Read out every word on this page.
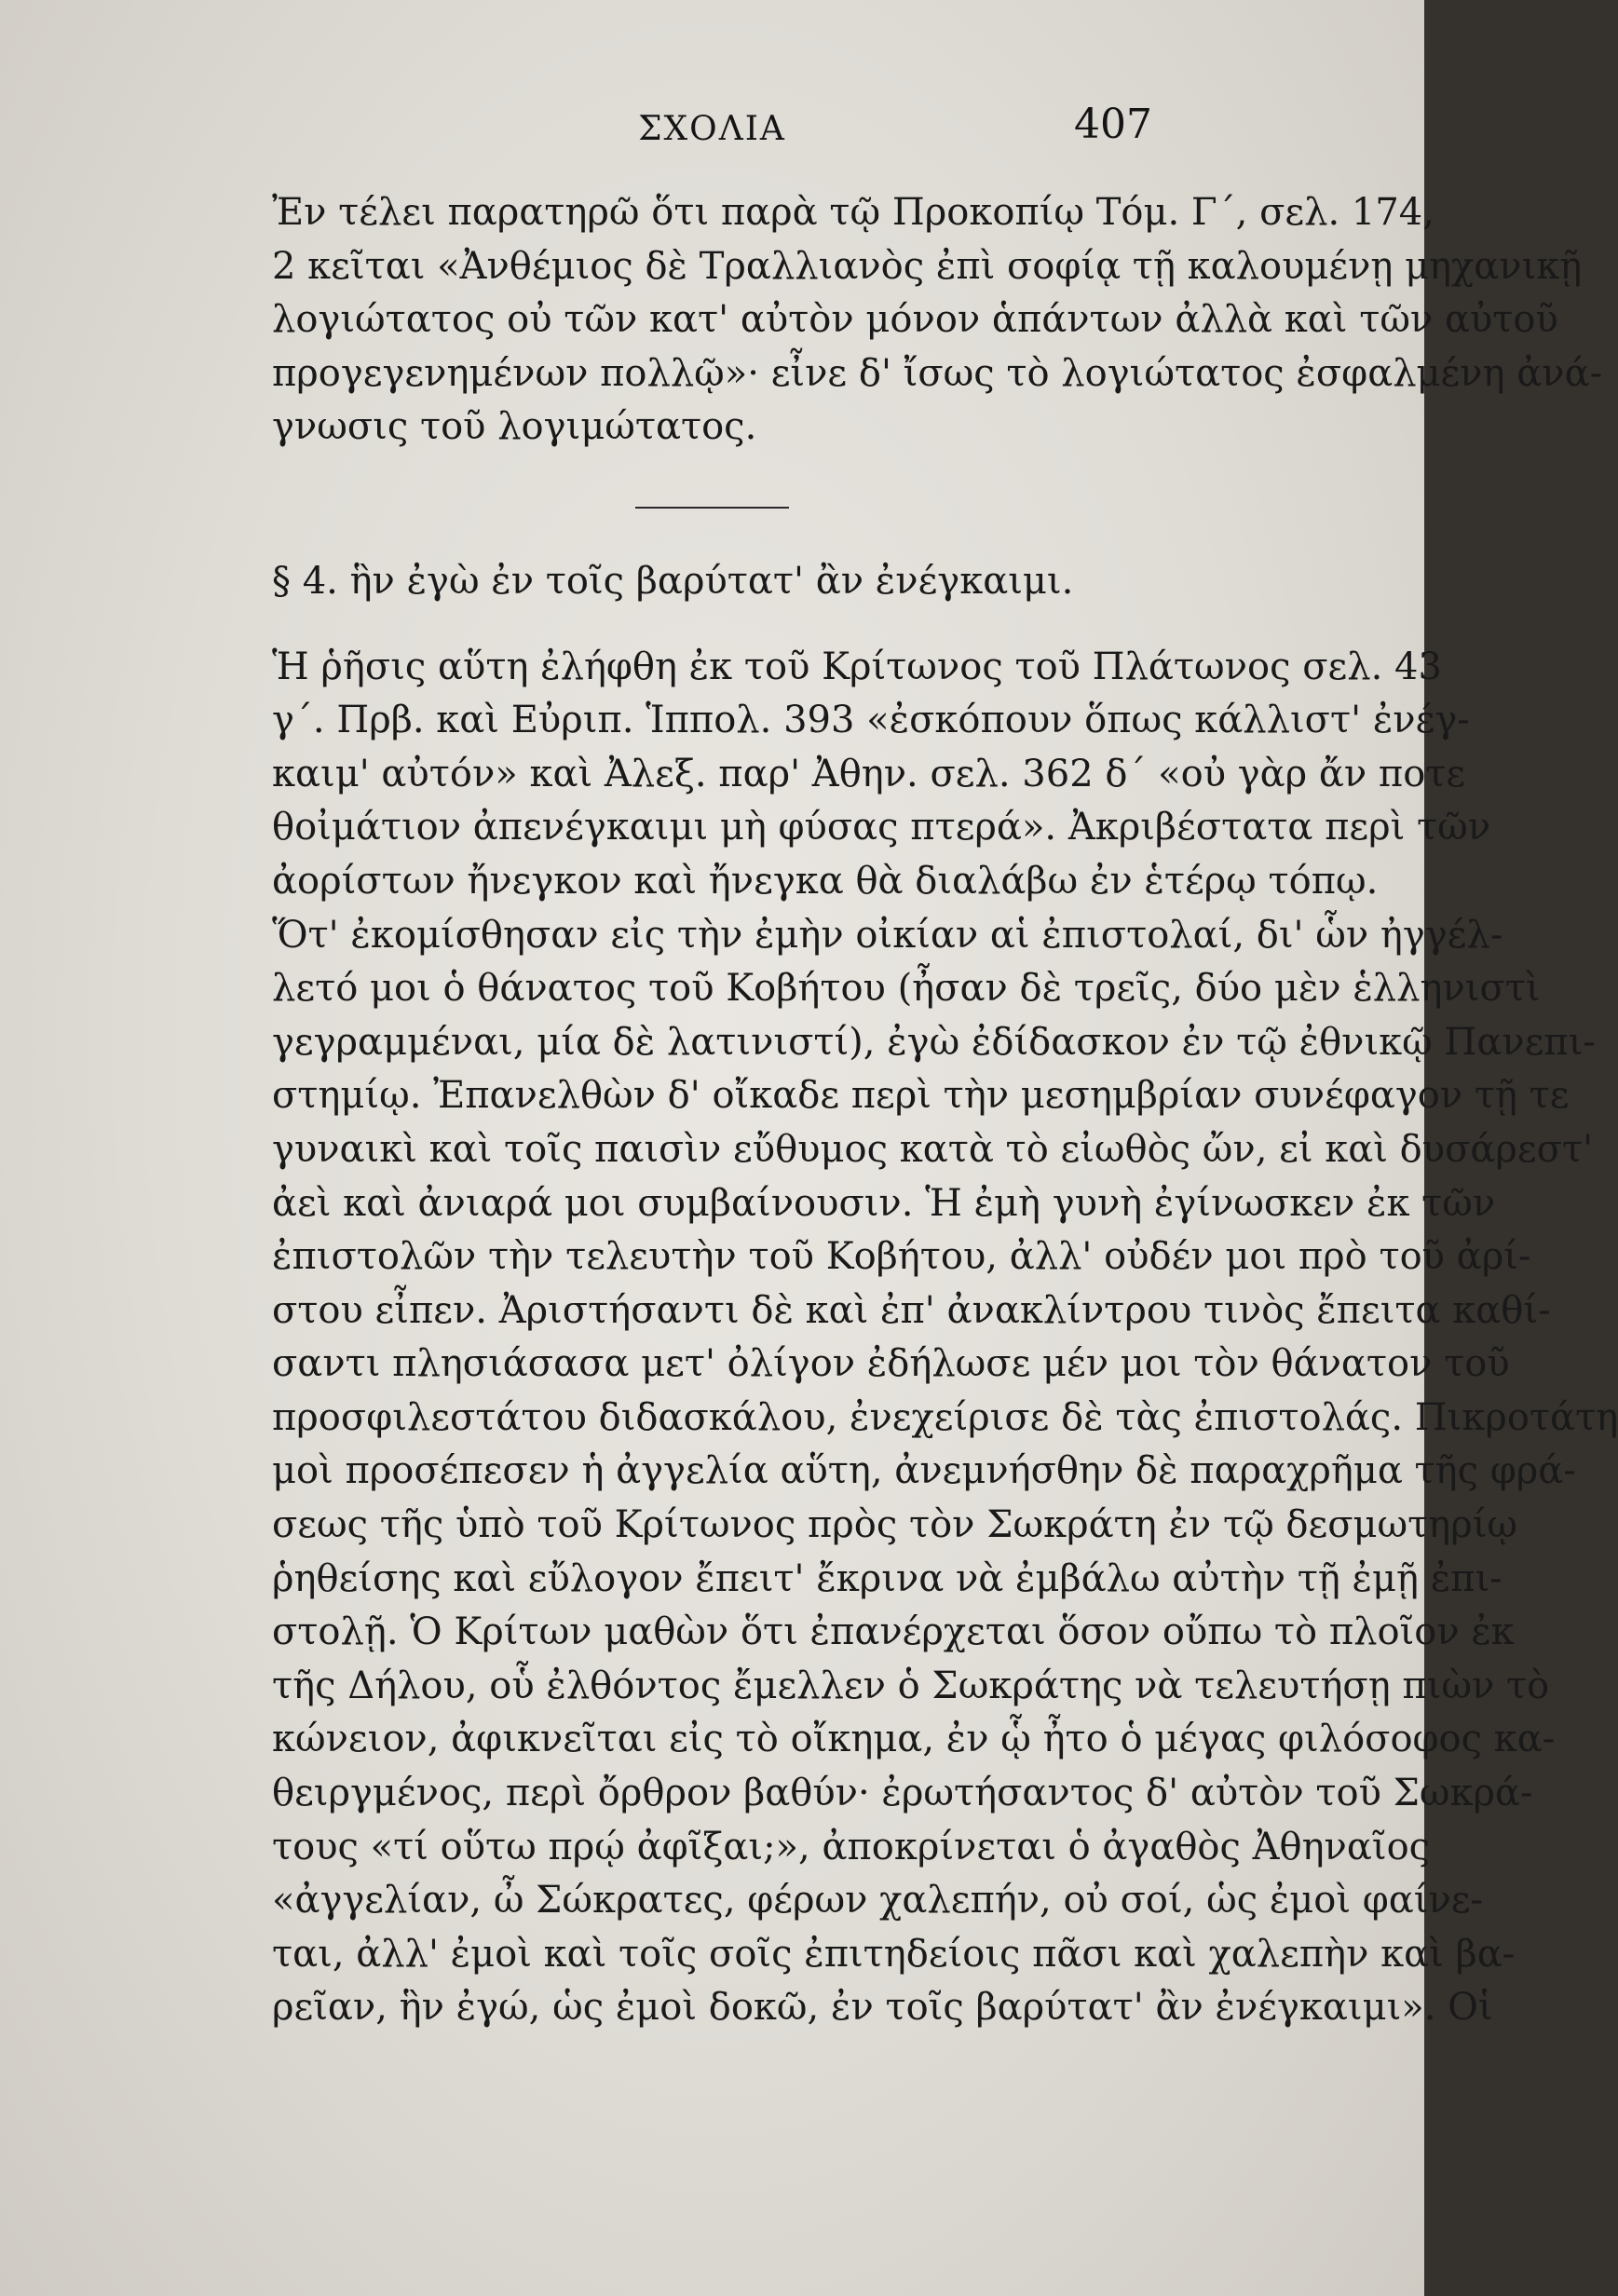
ΣΧΟΛΙΑ	407
Ἐν τέλει παρατηρῶ ὅτι παρὰ τῷ Προκοπίῳ Τόμ. Γ΄, σελ. 174,
2 κεῖται «Ἀνθέμιος δὲ Τραλλιανὸς ἐπὶ σοφίᾳ τῇ καλουμένῃ μηχανικῇ
λογιώτατος οὐ τῶν κατ' αὐτὸν μόνον ἁπάντων ἀλλὰ καὶ τῶν αὐτοῦ
προγεγενημένων πολλῷ»· εἶνε δ' ἴσως τὸ λογιώτατος ἐσφαλμένη ἀνά-
γνωσις τοῦ λογιμώτατος.
§ 4. ἣν ἐγὼ ἐν τοῖς βαρύτατ' ἂν ἐνέγκαιμι.
Ἡ ῥῆσις αὕτη ἐλήφθη ἐκ τοῦ Κρίτωνος τοῦ Πλάτωνος σελ. 43
γ΄. Πρβ. καὶ Εὐριπ. Ἱππολ. 393 «ἐσκόπουν ὅπως κάλλιστ' ἐνέγ-
καιμ' αὐτόν» καὶ Ἀλεξ. παρ' Ἀθην. σελ. 362 δ΄ «οὐ γὰρ ἄν ποτε
θοἰμάτιον ἀπενέγκαιμι μὴ φύσας πτερά». Ἀκριβέστατα περὶ τῶν
ἀορίστων ἤνεγκον καὶ ἤνεγκα θὰ διαλάβω ἐν ἑτέρῳ τόπῳ.
Ὅτ' ἐκομίσθησαν εἰς τὴν ἐμὴν οἰκίαν αἱ ἐπιστολαί, δι' ὧν ἠγγέλ-
λετό μοι ὁ θάνατος τοῦ Κοβήτου (ἦσαν δὲ τρεῖς, δύο μὲν ἑλληνιστὶ
γεγραμμέναι, μία δὲ λατινιστί), ἐγὼ ἐδίδασκον ἐν τῷ ἐθνικῷ Πανεπι-
στημίῳ. Ἐπανελθὼν δ' οἴκαδε περὶ τὴν μεσημβρίαν συνέφαγον τῇ τε
γυναικὶ καὶ τοῖς παισὶν εὔθυμος κατὰ τὸ εἰωθὸς ὤν, εἰ καὶ δυσάρεστ'
ἀεὶ καὶ ἀνιαρά μοι συμβαίνουσιν. Ἡ ἐμὴ γυνὴ ἐγίνωσκεν ἐκ τῶν
ἐπιστολῶν τὴν τελευτὴν τοῦ Κοβήτου, ἀλλ' οὐδέν μοι πρὸ τοῦ ἀρί-
στου εἶπεν. Ἀριστήσαντι δὲ καὶ ἐπ' ἀνακλίντρου τινὸς ἔπειτα καθί-
σαντι πλησιάσασα μετ' ὀλίγον ἐδήλωσε μέν μοι τὸν θάνατον τοῦ
προσφιλεστάτου διδασκάλου, ἐνεχείρισε δὲ τὰς ἐπιστολάς. Πικροτάτη
μοὶ προσέπεσεν ἡ ἀγγελία αὕτη, ἀνεμνήσθην δὲ παραχρῆμα τῆς φρά-
σεως τῆς ὑπὸ τοῦ Κρίτωνος πρὸς τὸν Σωκράτη ἐν τῷ δεσμωτηρίῳ
ῥηθείσης καὶ εὔλογον ἔπειτ' ἔκρινα νὰ ἐμβάλω αὐτὴν τῇ ἐμῇ ἐπι-
στολῇ. Ὁ Κρίτων μαθὼν ὅτι ἐπανέρχεται ὅσον οὔπω τὸ πλοῖον ἐκ
τῆς Δήλου, οὗ ἐλθόντος ἔμελλεν ὁ Σωκράτης νὰ τελευτήσῃ πιὼν τὸ
κώνειον, ἀφικνεῖται εἰς τὸ οἴκημα, ἐν ᾧ ἦτο ὁ μέγας φιλόσοφος κα-
θειργμένος, περὶ ὄρθρον βαθύν· ἐρωτήσαντος δ' αὐτὸν τοῦ Σωκρά-
τους «τί οὕτω πρῴ ἀφῖξαι;», ἀποκρίνεται ὁ ἀγαθὸς Ἀθηναῖος
«ἀγγελίαν, ὦ Σώκρατες, φέρων χαλεπήν, οὐ σοί, ὡς ἐμοὶ φαίνε-
ται, ἀλλ' ἐμοὶ καὶ τοῖς σοῖς ἐπιτηδείοις πᾶσι καὶ χαλεπὴν καὶ βα-
ρεῖαν, ἣν ἐγώ, ὡς ἐμοὶ δοκῶ, ἐν τοῖς βαρύτατ' ἂν ἐνέγκαιμι». Οἱ
